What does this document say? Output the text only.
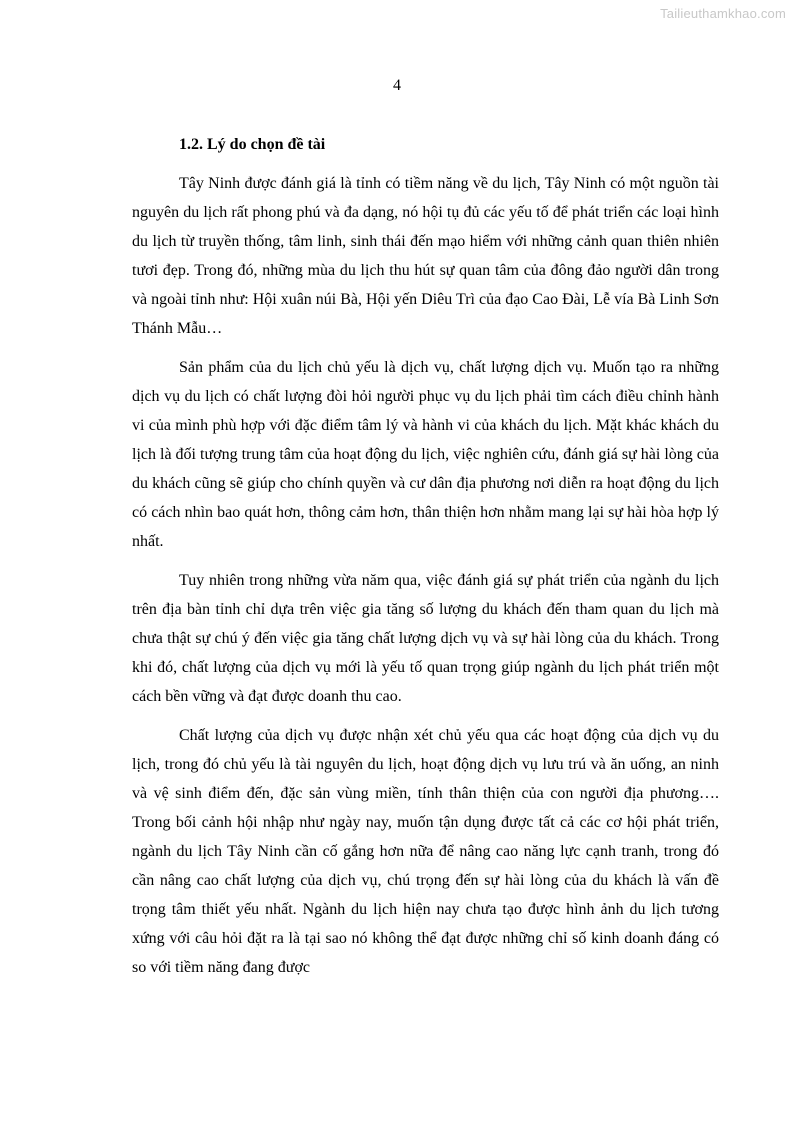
Tailieuthamkhao.com
4
1.2. Lý do chọn đề tài

Tây Ninh được đánh giá là tỉnh có tiềm năng về du lịch, Tây Ninh có một nguồn tài nguyên du lịch rất phong phú và đa dạng, nó hội tụ đủ các yếu tố để phát triển các loại hình du lịch từ truyền thống, tâm linh, sinh thái đến mạo hiểm với những cảnh quan thiên nhiên tươi đẹp. Trong đó, những mùa du lịch thu hút sự quan tâm của đông đảo người dân trong và ngoài tỉnh như: Hội xuân núi Bà, Hội yến Diêu Trì của đạo Cao Đài, Lễ vía Bà Linh Sơn Thánh Mẫu…

Sản phẩm của du lịch chủ yếu là dịch vụ, chất lượng dịch vụ. Muốn tạo ra những dịch vụ du lịch có chất lượng đòi hỏi người phục vụ du lịch phải tìm cách điều chỉnh hành vi của mình phù hợp với đặc điểm tâm lý và hành vi của khách du lịch. Mặt khác khách du lịch là đối tượng trung tâm của hoạt động du lịch, việc nghiên cứu, đánh giá sự hài lòng của du khách cũng sẽ giúp cho chính quyền và cư dân địa phương nơi diễn ra hoạt động du lịch có cách nhìn bao quát hơn, thông cảm hơn, thân thiện hơn nhằm mang lại sự hài hòa hợp lý nhất.

Tuy nhiên trong những vừa năm qua, việc đánh giá sự phát triển của ngành du lịch trên địa bàn tỉnh chỉ dựa trên việc gia tăng số lượng du khách đến tham quan du lịch mà chưa thật sự chú ý đến việc gia tăng chất lượng dịch vụ và sự hài lòng của du khách. Trong khi đó, chất lượng của dịch vụ mới là yếu tố quan trọng giúp ngành du lịch phát triển một cách bền vững và đạt được doanh thu cao.

Chất lượng của dịch vụ được nhận xét chủ yếu qua các hoạt động của dịch vụ du lịch, trong đó chủ yếu là tài nguyên du lịch, hoạt động dịch vụ lưu trú và ăn uống, an ninh và vệ sinh điểm đến, đặc sản vùng miền, tính thân thiện của con người địa phương…. Trong bối cảnh hội nhập như ngày nay, muốn tận dụng được tất cả các cơ hội phát triển, ngành du lịch Tây Ninh cần cố gắng hơn nữa để nâng cao năng lực cạnh tranh, trong đó cần nâng cao chất lượng của dịch vụ, chú trọng đến sự hài lòng của du khách là vấn đề trọng tâm thiết yếu nhất. Ngành du lịch hiện nay chưa tạo được hình ảnh du lịch tương xứng với câu hỏi đặt ra là tại sao nó không thể đạt được những chỉ số kinh doanh đáng có so với tiềm năng đang được
